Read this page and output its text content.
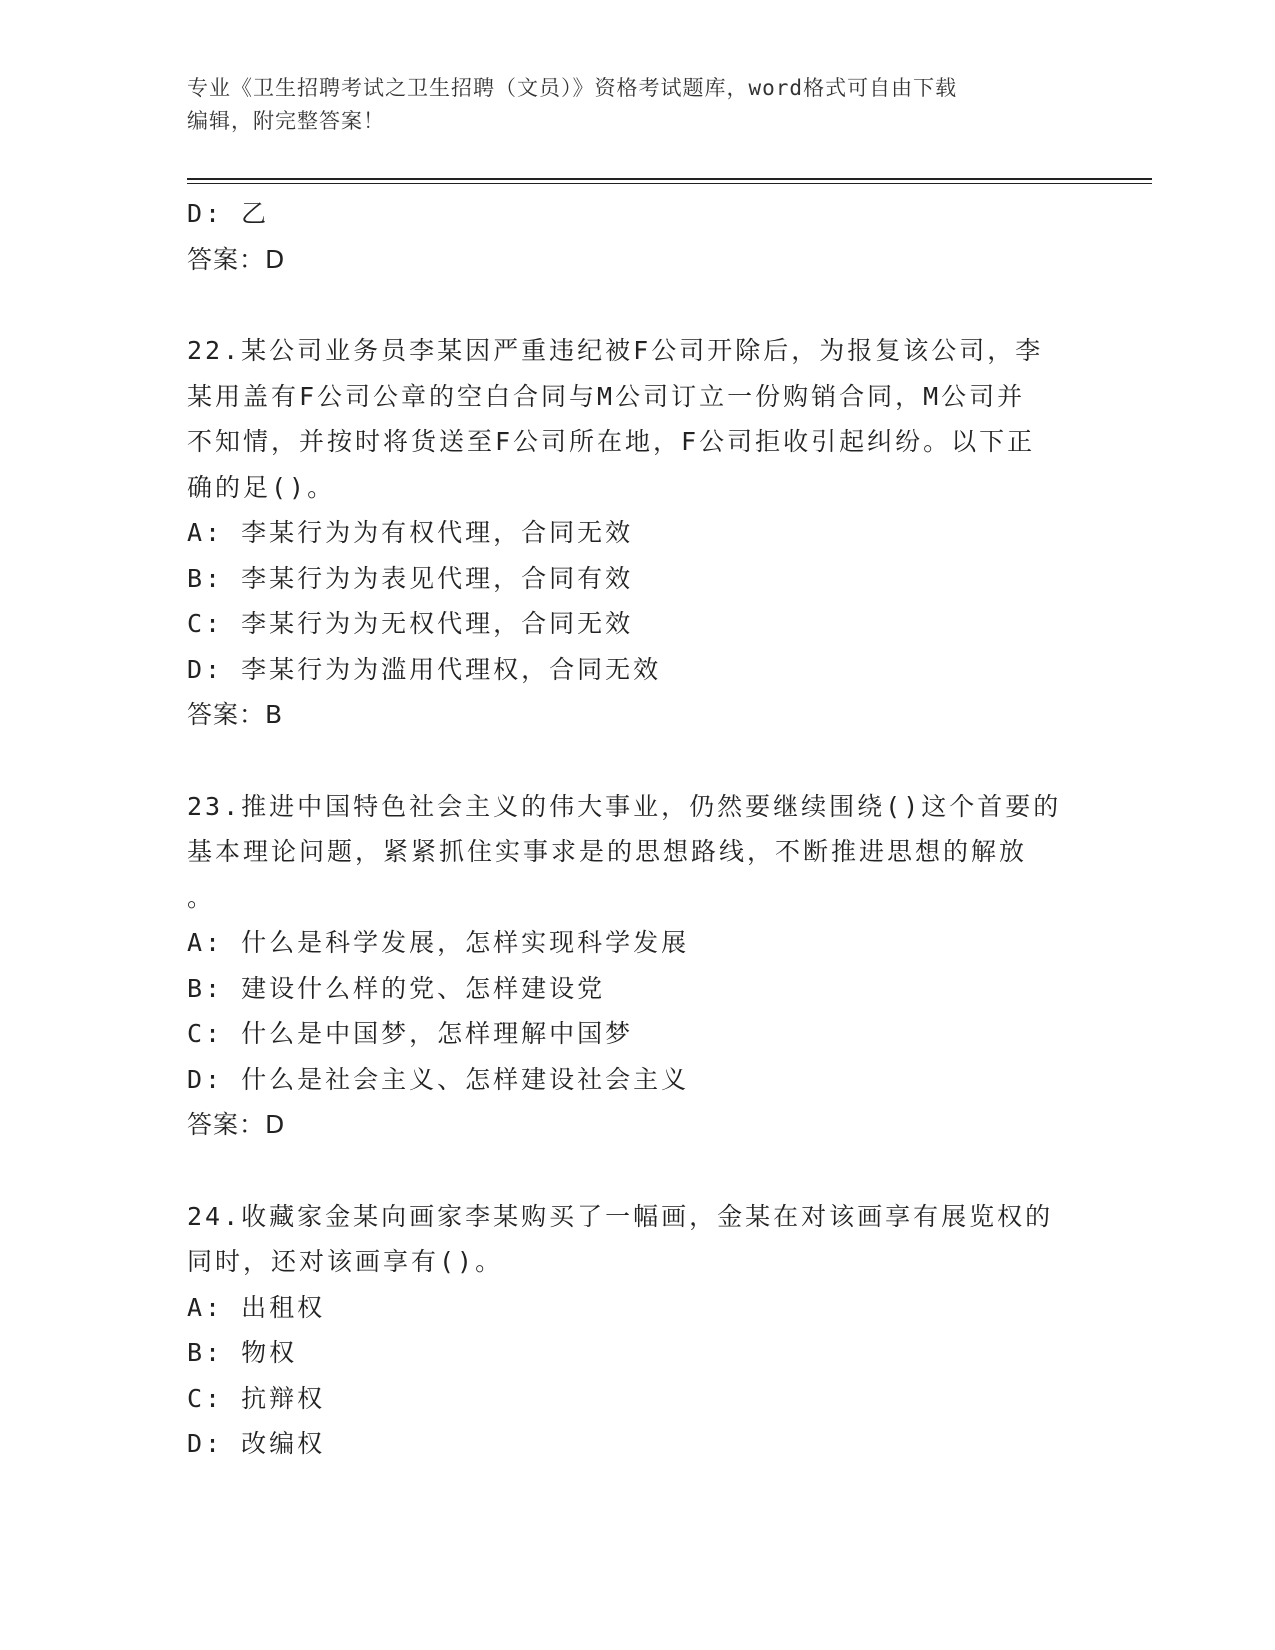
专业《卫生招聘考试之卫生招聘（文员）》资格考试题库，word格式可自由下载
编辑，附完整答案！

D: 乙

答案：D

22.某公司业务员李某因严重违纪被F公司开除后，为报复该公司，李

某用盖有F公司公章的空白合同与M公司订立一份购销合同，M公司并

不知情，并按时将货送至F公司所在地，F公司拒收引起纠纷。以下正

确的足()。

A: 李某行为为有权代理，合同无效

B: 李某行为为表见代理，合同有效

C: 李某行为为无权代理，合同无效

D: 李某行为为滥用代理权，合同无效

答案：B

23.推进中国特色社会主义的伟大事业，仍然要继续围绕()这个首要的

基本理论问题，紧紧抓住实事求是的思想路线，不断推进思想的解放

。

A: 什么是科学发展，怎样实现科学发展

B: 建设什么样的党、怎样建设党

C: 什么是中国梦，怎样理解中国梦

D: 什么是社会主义、怎样建设社会主义

答案：D

24.收藏家金某向画家李某购买了一幅画，金某在对该画享有展览权的

同时，还对该画享有()。

A: 出租权

B: 物权

C: 抗辩权

D: 改编权
